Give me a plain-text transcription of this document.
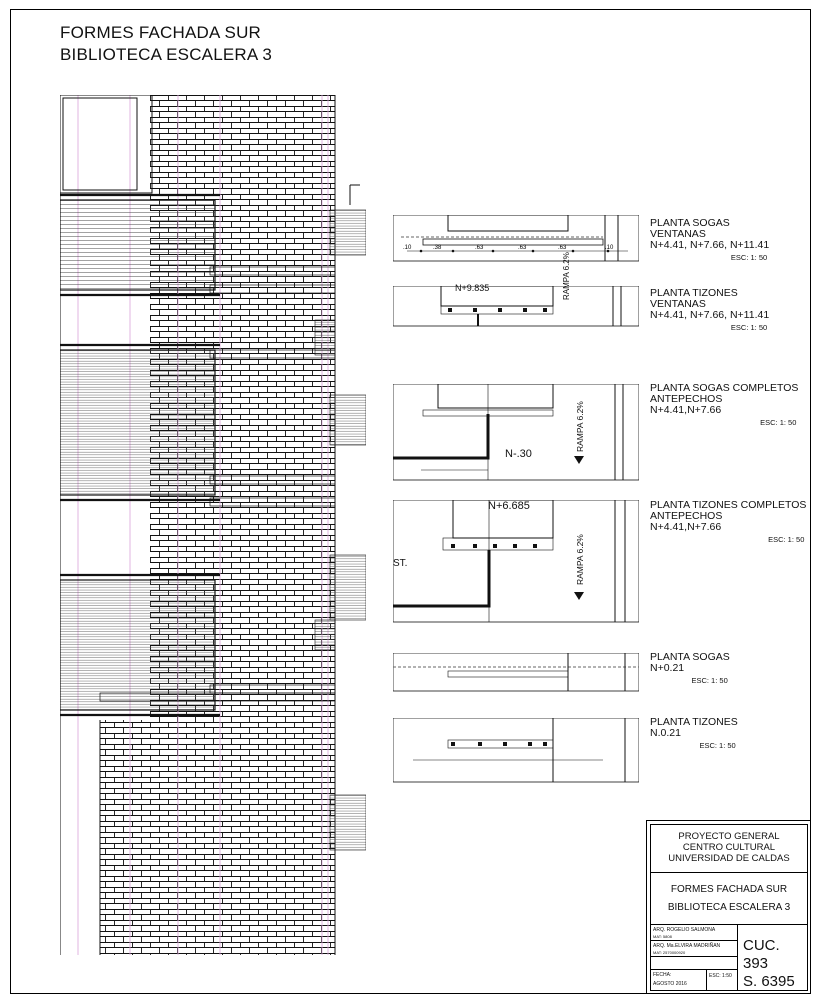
FORMES FACHADA SUR
BIBLIOTECA ESCALERA 3
.10	.38	.63	.63	.63	.10
PLANTA SOGAS
VENTANAS
N+4.41, N+7.66, N+11.41
ESC: 1: 50
PLANTA TIZONES
VENTANAS
N+4.41, N+7.66, N+11.41
ESC: 1: 50
PLANTA SOGAS COMPLETOS
ANTEPECHOS
N+4.41,N+7.66
ESC: 1: 50
PLANTA TIZONES COMPLETOS
ANTEPECHOS
N+4.41,N+7.66
ESC: 1: 50
PLANTA SOGAS
N+0.21
ESC: 1: 50
PLANTA TIZONES
N.0.21
ESC: 1: 50
N+9.835	RAMPA 6.2%
N-.30
RAMPA 6.2%
N+6.685
RAMPA 6.2%
ST.
PROYECTO GENERAL
CENTRO CULTURAL
UNIVERSIDAD DE CALDAS
FORMES FACHADA SUR
BIBLIOTECA ESCALERA 3
ARQ. ROGELIO SALMONA
MAT: 5808
ARQ. Ma.ELVIRA MADRIÑAN
MAT: 2570000920
FECHA:
AGOSTO 2016
ESC: 1:50
CUC. 393
S. 6395
